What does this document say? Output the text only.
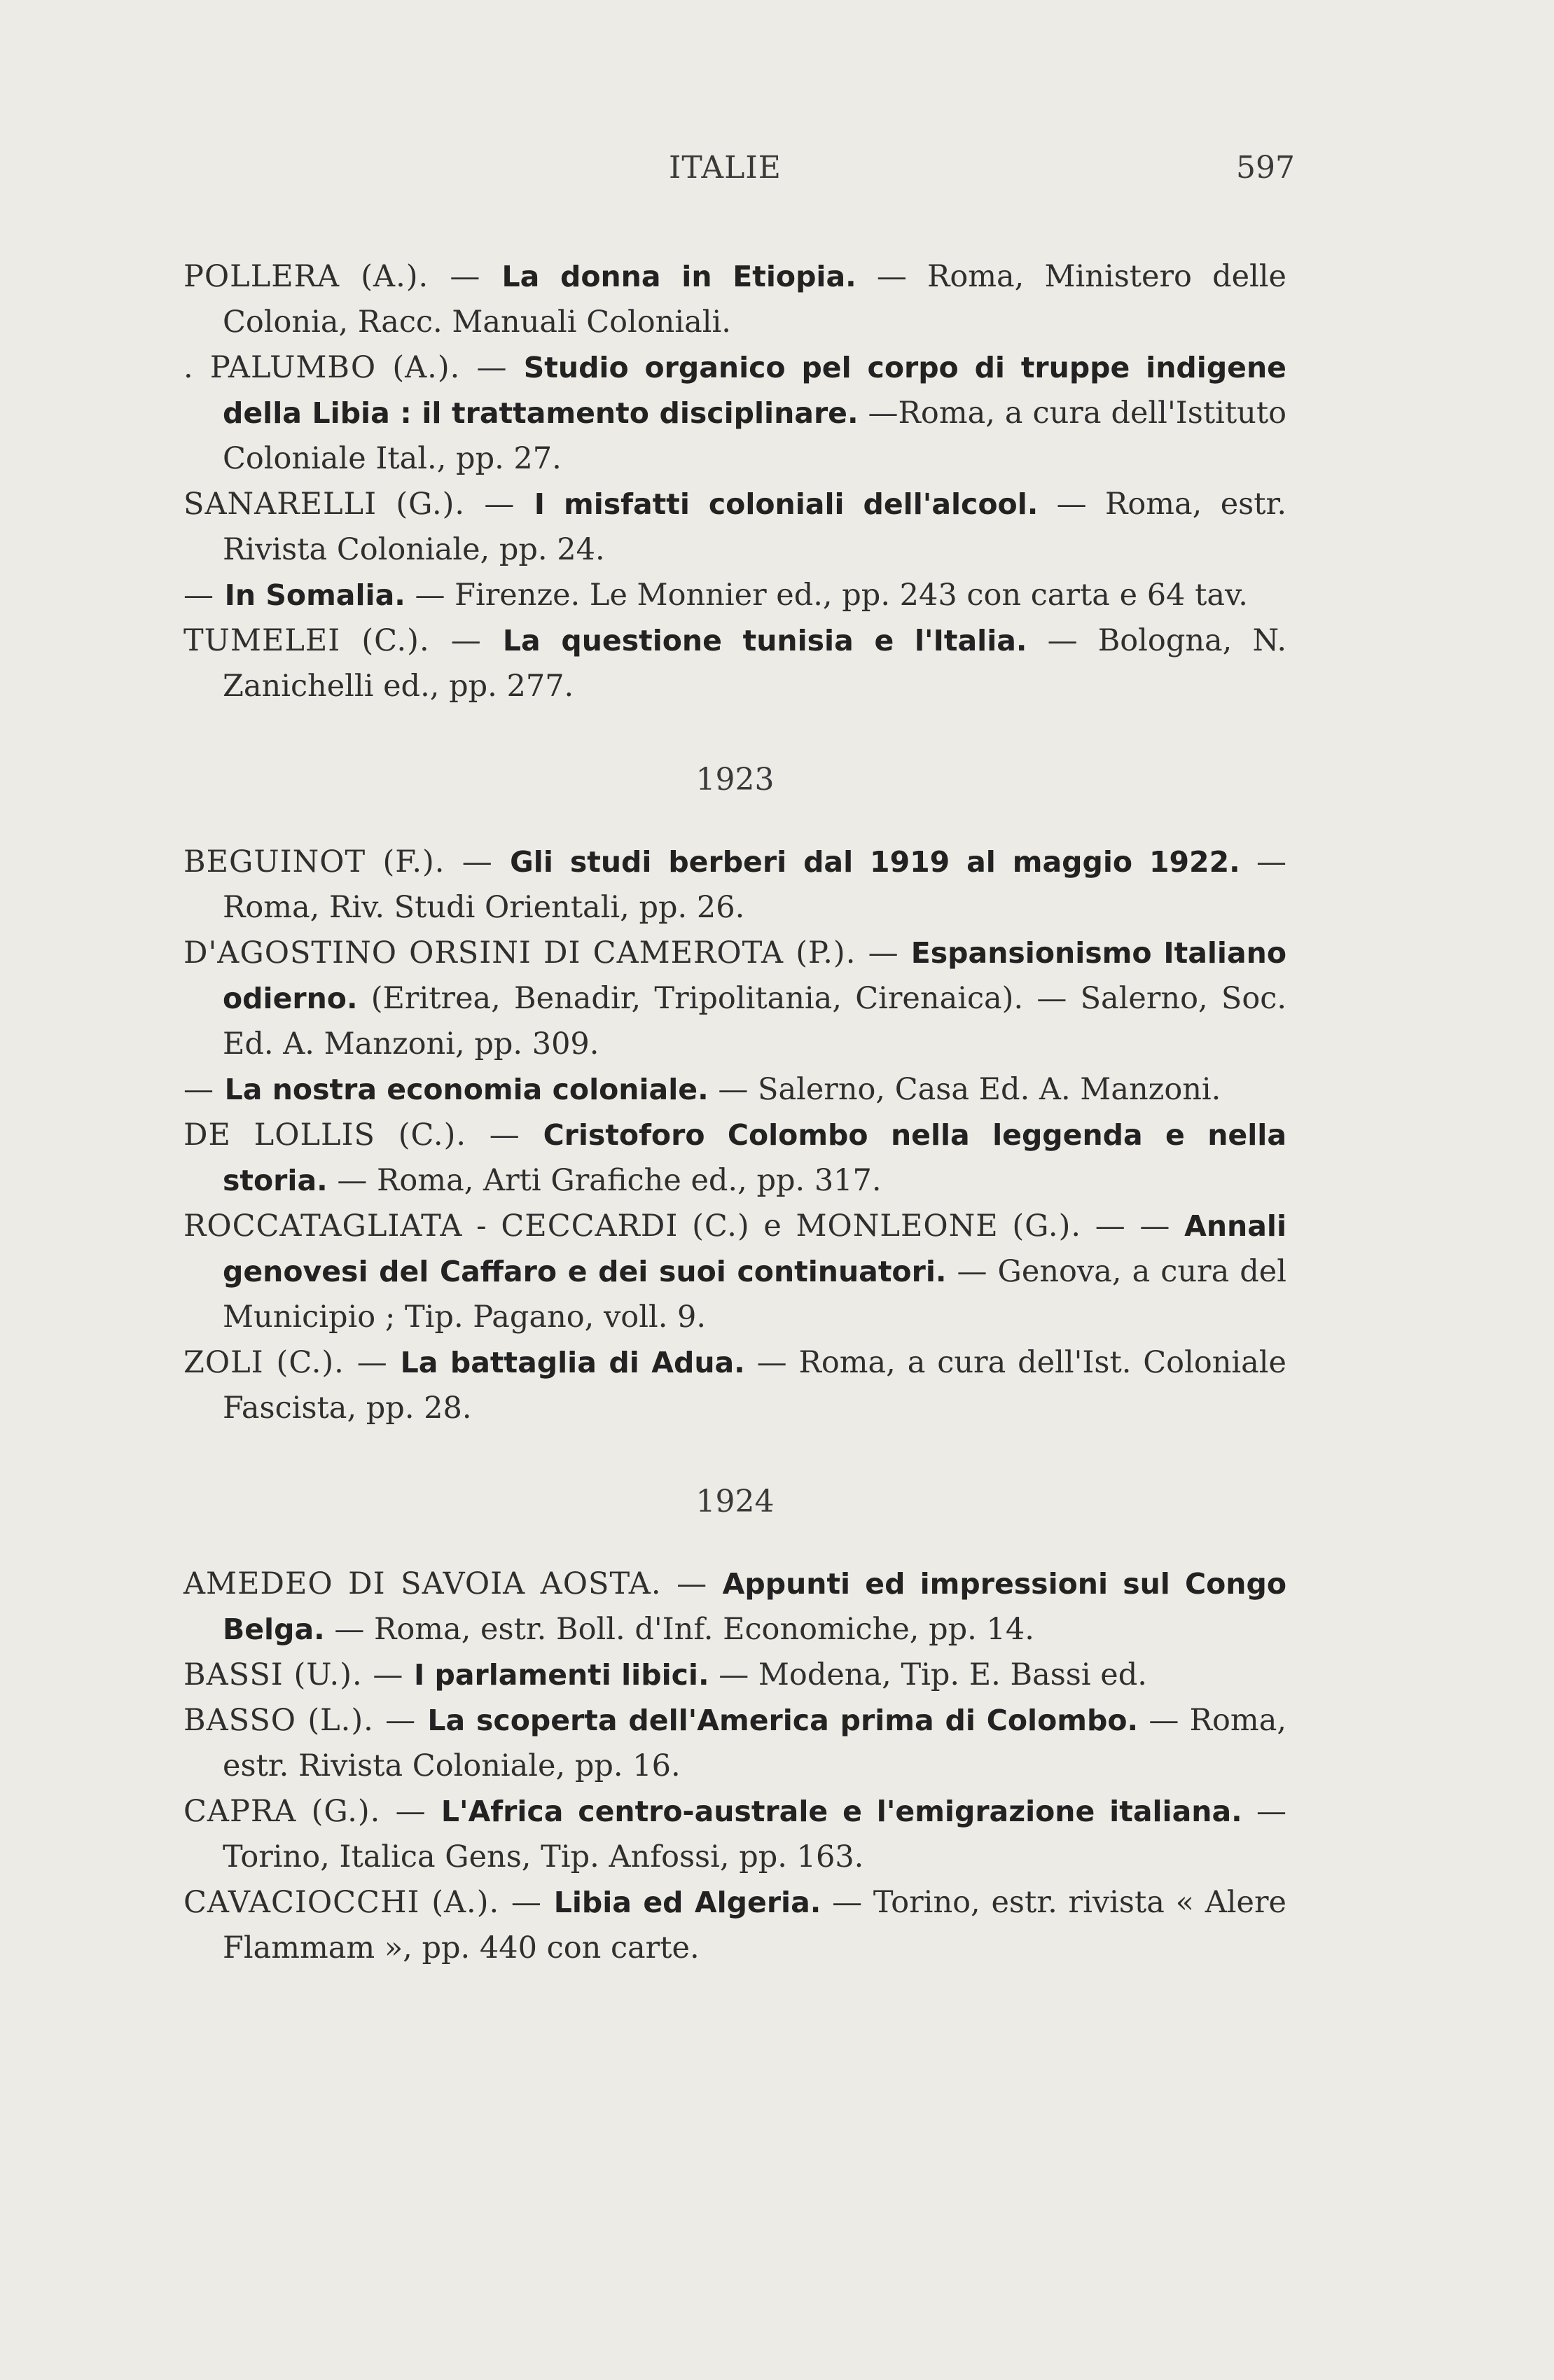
ITALIE	597

POLLERA (A.). — La donna in Etiopia. — Roma, Ministero delle Colonia, Racc. Manuali Coloniali.

. PALUMBO (A.). — Studio organico pel corpo di truppe indigene della Libia : il trattamento disciplinare. —Roma, a cura dell'Istituto Coloniale Ital., pp. 27.

SANARELLI (G.). — I misfatti coloniali dell'alcool. — Roma, estr. Rivista Coloniale, pp. 24.

— In Somalia. — Firenze. Le Monnier ed., pp. 243 con carta e 64 tav.

TUMELEI (C.). — La questione tunisia e l'Italia. — Bologna, N. Zanichelli ed., pp. 277.

1923

BEGUINOT (F.). — Gli studi berberi dal 1919 al maggio 1922. — Roma, Riv. Studi Orientali, pp. 26.

D'AGOSTINO ORSINI DI CAMEROTA (P.). — Espansionismo Italiano odierno. (Eritrea, Benadir, Tripolitania, Cirenaica). — Salerno, Soc. Ed. A. Manzoni, pp. 309.

— La nostra economia coloniale. — Salerno, Casa Ed. A. Manzoni.

DE LOLLIS (C.). — Cristoforo Colombo nella leggenda e nella storia. — Roma, Arti Grafiche ed., pp. 317.

ROCCATAGLIATA - CECCARDI (C.) e MONLEONE (G.). — — Annali genovesi del Caffaro e dei suoi continuatori. — Genova, a cura del Municipio ; Tip. Pagano, voll. 9.

ZOLI (C.). — La battaglia di Adua. — Roma, a cura dell'Ist. Coloniale Fascista, pp. 28.

1924

AMEDEO DI SAVOIA AOSTA. — Appunti ed impressioni sul Congo Belga. — Roma, estr. Boll. d'Inf. Economiche, pp. 14.

BASSI (U.). — I parlamenti libici. — Modena, Tip. E. Bassi ed.

BASSO (L.). — La scoperta dell'America prima di Colombo. — Roma, estr. Rivista Coloniale, pp. 16.

CAPRA (G.). — L'Africa centro-australe e l'emigrazione italiana. — Torino, Italica Gens, Tip. Anfossi, pp. 163.

CAVACIOCCHI (A.). — Libia ed Algeria. — Torino, estr. rivista « Alere Flammam », pp. 440 con carte.
